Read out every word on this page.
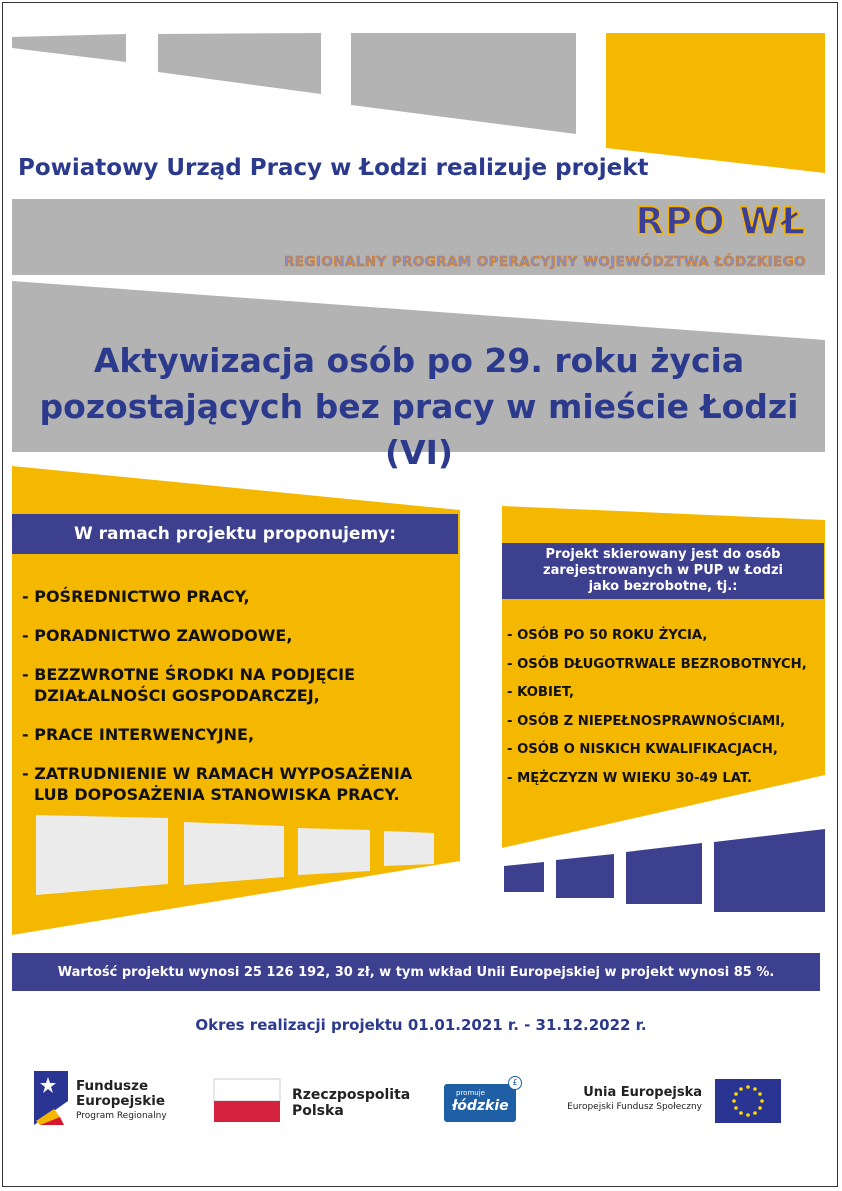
Powiatowy Urząd Pracy w Łodzi realizuje projekt
RPO WŁ
REGIONALNY PROGRAM OPERACYJNY WOJEWÓDZTWA ŁÓDZKIEGO
Aktywizacja osób po 29. roku życia
pozostających bez pracy w mieście Łodzi (VI)
W ramach projektu proponujemy:
- POŚREDNICTWO PRACY,
- PORADNICTWO ZAWODOWE,
- BEZZWROTNE ŚRODKI NA PODJĘCIE
DZIAŁALNOŚCI GOSPODARCZEJ,
- PRACE INTERWENCYJNE,
- ZATRUDNIENIE W RAMACH WYPOSAŻENIA
LUB DOPOSAŻENIA STANOWISKA PRACY.
Projekt skierowany jest do osób
zarejestrowanych w PUP w Łodzi
jako bezrobotne, tj.:
- OSÓB PO 50 ROKU ŻYCIA,
- OSÓB DŁUGOTRWALE BEZROBOTNYCH,
- KOBIET,
- OSÓB Z NIEPEŁNOSPRAWNOŚCIAMI,
- OSÓB O NISKICH KWALIFIKACJACH,
- MĘŻCZYZN W WIEKU 30-49 LAT.
Wartość projektu wynosi 25 126 192, 30 zł, w tym wkład Unii Europejskiej w projekt wynosi 85 %.
Okres realizacji projektu 01.01.2021 r. - 31.12.2022 r.
Fundusze
Europejskie
Program Regionalny
Rzeczpospolita
Polska
promuje
łódzkie
£
Unia Europejska
Europejski Fundusz Społeczny
